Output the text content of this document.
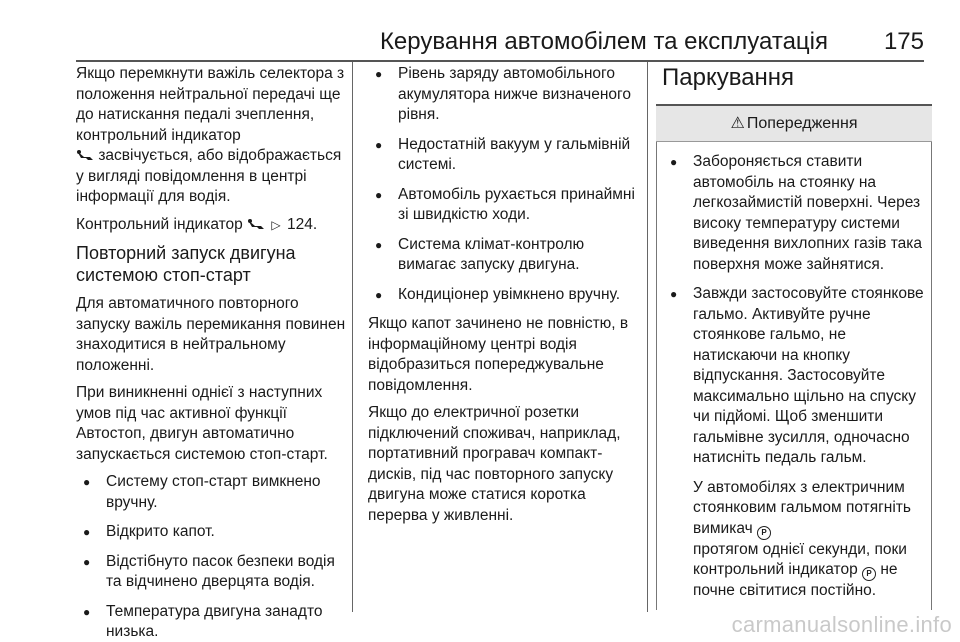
Керування автомобілем та експлуатація 175

Якщо перемкнути важіль селектора з положення нейтральної передачі ще до натискання педалі зчеплення, контрольний індикатор
засвічується, або відображається у вигляді повідомлення в центрі інформації для водія.

Контрольний індикатор ▷ 124.

Повторний запуск двигуна системою стоп-старт

Для автоматичного повторного запуску важіль перемикання повинен знаходитися в нейтральному положенні.

При виникненні однієї з наступних умов під час активної функції Автостоп, двигун автоматично запускається системою стоп-старт.

● Систему стоп-старт вимкнено вручну.
● Відкрито капот.
● Відстібнуто пасок безпеки водія та відчинено дверцята водія.
● Температура двигуна занадто низька.
● Рівень заряду автомобільного акумулятора нижче визначеного рівня.
● Недостатній вакуум у гальмівній системі.
● Автомобіль рухається принаймні зі швидкістю ходи.
● Система клімат-контролю вимагає запуску двигуна.
● Кондиціонер увімкнено вручну.

Якщо капот зачинено не повністю, в інформаційному центрі водія відобразиться попереджувальне повідомлення.

Якщо до електричної розетки підключений споживач, наприклад, портативний програвач компакт-дисків, під час повторного запуску двигуна може статися коротка перерва у живленні.

Паркування
⚠ Попередження
● Забороняється ставити автомобіль на стоянку на легкозаймистій поверхні. Через високу температуру системи виведення вихлопних газів така поверхня може зайнятися.
● Завжди застосовуйте стоянкове гальмо. Активуйте ручне стоянкове гальмо, не натискаючи на кнопку відпускання. Застосовуйте максимально щільно на спуску чи підйомі. Щоб зменшити гальмівне зусилля, одночасно натисніть педаль гальм.

У автомобілях з електричним стоянковим гальмом потягніть вимикач P
протягом однієї секунди, поки контрольний індикатор P не почне світитися постійно.

carmanualsonline.info
